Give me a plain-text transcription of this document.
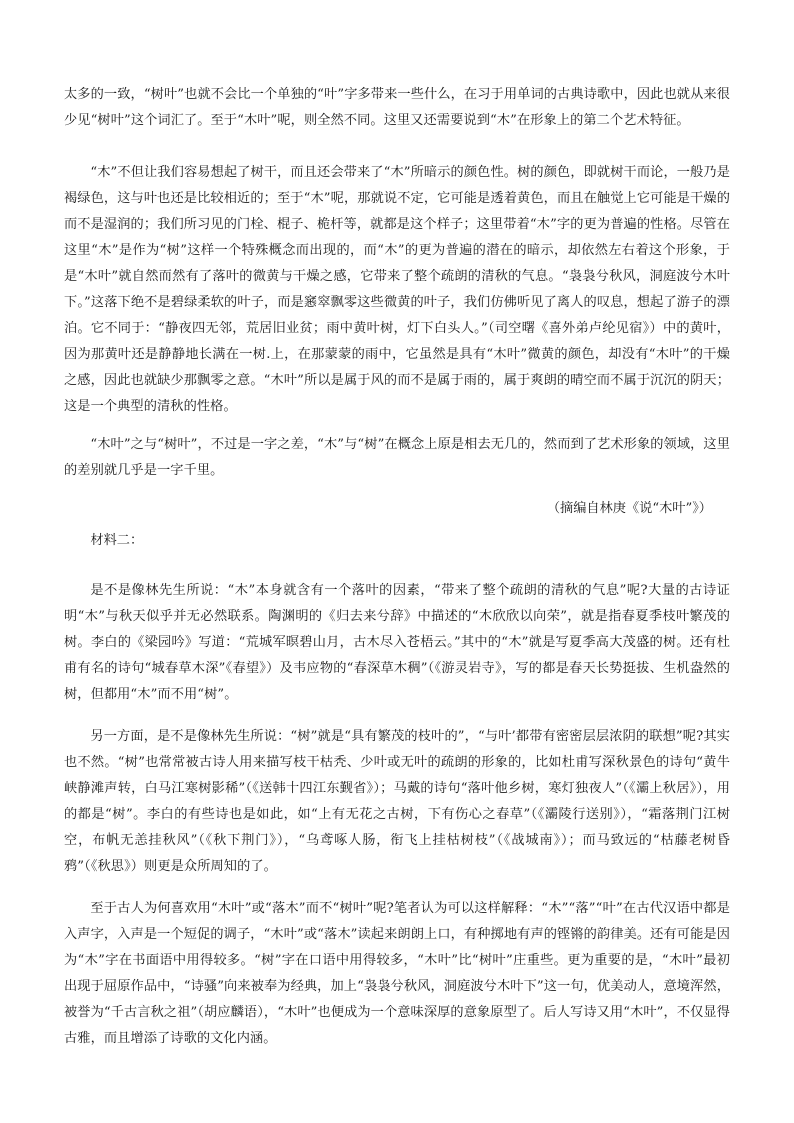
太多的一致，“树叶”也就不会比一个单独的“叶”字多带来一些什么，在习于用单词的古典诗歌中，因此也就从来很少见“树叶”这个词汇了。至于“木叶”呢，则全然不同。这里又还需要说到“木”在形象上的第二个艺术特征。

“木”不但让我们容易想起了树干，而且还会带来了“木”所暗示的颜色性。树的颜色，即就树干而论，一般乃是褐绿色，这与叶也还是比较相近的；至于“木”呢，那就说不定，它可能是透着黄色，而且在触觉上它可能是干燥的而不是湿润的；我们所习见的门栓、棍子、桅杆等，就都是这个样子；这里带着“木”字的更为普遍的性格。尽管在这里“木”是作为“树”这样一个特殊概念而出现的，而“木”的更为普遍的潜在的暗示，却依然左右着这个形象，于是“木叶”就自然而然有了落叶的微黄与干燥之感，它带来了整个疏朗的清秋的气息。“袅袅兮秋风，洞庭波兮木叶下。”这落下绝不是碧绿柔软的叶子，而是窸窣飘零这些微黄的叶子，我们仿佛听见了离人的叹息，想起了游子的漂泊。它不同于：“静夜四无邻，荒居旧业贫；雨中黄叶树，灯下白头人。”（司空曙《喜外弟卢纶见宿》）中的黄叶，因为那黄叶还是静静地长满在一树.上，在那蒙蒙的雨中，它虽然是具有“木叶”微黄的颜色，却没有“木叶”的干燥之感，因此也就缺少那飘零之意。“木叶”所以是属于风的而不是属于雨的，属于爽朗的晴空而不属于沉沉的阴天；这是一个典型的清秋的性格。

“木叶”之与“树叶”，不过是一字之差，“木”与“树”在概念上原是相去无几的，然而到了艺术形象的领域，这里的差别就几乎是一字千里。

（摘编自林庚《说“木叶”》）

材料二：

是不是像林先生所说：“木”本身就含有一个落叶的因素，“带来了整个疏朗的清秋的气息”呢?大量的古诗证明“木”与秋天似乎并无必然联系。陶渊明的《归去来兮辞》中描述的“木欣欣以向荣”，就是指春夏季枝叶繁茂的树。李白的《梁园吟》写道：“荒城军暝碧山月，古木尽入苍梧云。”其中的“木”就是写夏季高大茂盛的树。还有杜甫有名的诗句“城春草木深”《春望》）及韦应物的“春深草木稠”（《游灵岩寺》，写的都是春天长势挺拔、生机盎然的树，但都用“木”而不用“树”。

另一方面，是不是像林先生所说：“树”就是“具有繁茂的枝叶的”，“与叶’都带有密密层层浓阴的联想”呢?其实也不然。“树”也常常被古诗人用来描写枝干枯秃、少叶或无叶的疏朗的形象的，比如杜甫写深秋景色的诗句“黄牛峡静滩声转，白马江寒树影稀”（《送韩十四江东觐省》）；马戴的诗句“落叶他乡树，寒灯独夜人”（《灞上秋居》），用的都是“树”。李白的有些诗也是如此，如“上有无花之古树，下有伤心之春草”（《灞陵行送别》），“霜落荆门江树空，布帆无恙挂秋风”（《秋下荆门》），“乌鸢啄人肠，衔飞上挂枯树枝”（《战城南》）；而马致远的“枯藤老树昏鸦”（《秋思》）则更是众所周知的了。

至于古人为何喜欢用“木叶”或“落木”而不“树叶”呢?笔者认为可以这样解释：“木”“落”“叶”在古代汉语中都是入声字，入声是一个短促的调子，“木叶”或“落木”读起来朗朗上口，有种掷地有声的铿锵的韵律美。还有可能是因为“木”字在书面语中用得较多。“树”字在口语中用得较多，“木叶”比“树叶”庄重些。更为重要的是，“木叶”最初出现于屈原作品中，“诗骚”向来被奉为经典，加上“袅袅兮秋风，洞庭波兮木叶下”这一句，优美动人，意境浑然，被誉为“千古言秋之祖”（胡应麟语），“木叶”也便成为一个意味深厚的意象原型了。后人写诗又用“木叶”，不仅显得古雅，而且增添了诗歌的文化内涵。
